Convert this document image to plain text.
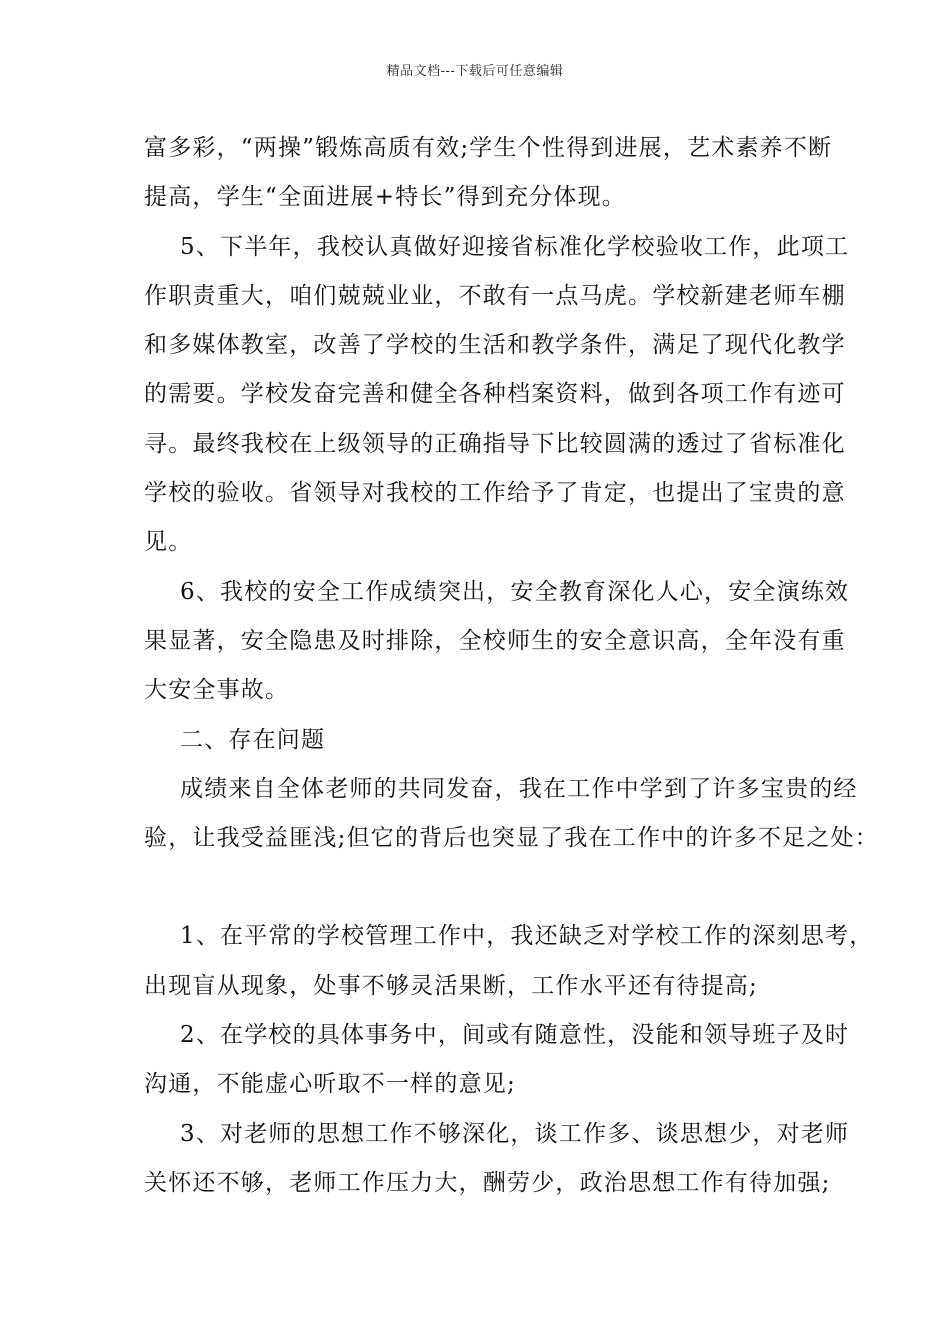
精品文档---下载后可任意编辑

富多彩，“两操”锻炼高质有效;学生个性得到进展，艺术素养不断
提高，学生“全面进展+特长”得到充分体现。

5、下半年，我校认真做好迎接省标准化学校验收工作，此项工
作职责重大，咱们兢兢业业，不敢有一点马虎。学校新建老师车棚
和多媒体教室，改善了学校的生活和教学条件，满足了现代化教学
的需要。学校发奋完善和健全各种档案资料，做到各项工作有迹可
寻。最终我校在上级领导的正确指导下比较圆满的透过了省标准化
学校的验收。省领导对我校的工作给予了肯定，也提出了宝贵的意
见。

6、我校的安全工作成绩突出，安全教育深化人心，安全演练效
果显著，安全隐患及时排除，全校师生的安全意识高，全年没有重
大安全事故。

二、存在问题

成绩来自全体老师的共同发奋，我在工作中学到了许多宝贵的经
验，让我受益匪浅;但它的背后也突显了我在工作中的许多不足之处：

1、在平常的学校管理工作中，我还缺乏对学校工作的深刻思考，
出现盲从现象，处事不够灵活果断，工作水平还有待提高;

2、在学校的具体事务中，间或有随意性，没能和领导班子及时
沟通，不能虚心听取不一样的意见;

3、对老师的思想工作不够深化，谈工作多、谈思想少，对老师
关怀还不够，老师工作压力大，酬劳少，政治思想工作有待加强;
